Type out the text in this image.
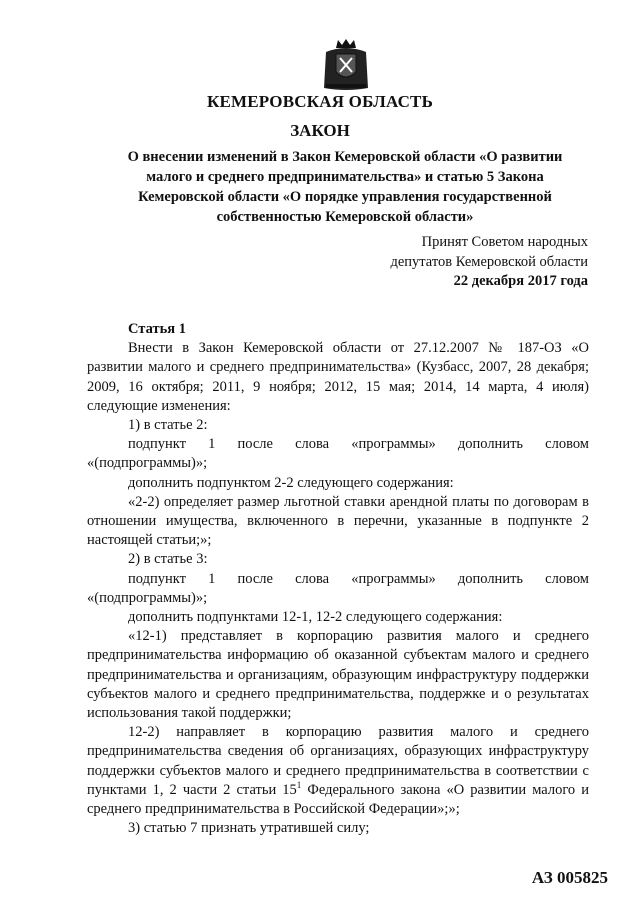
КЕМЕРОВСКАЯ ОБЛАСТЬ
ЗАКОН

О внесении изменений в Закон Кемеровской области «О развитии малого и среднего предпринимательства» и статью 5 Закона Кемеровской области «О порядке управления государственной собственностью Кемеровской области»

Принят Советом народных
депутатов Кемеровской области
22 декабря 2017 года

Статья 1

Внести в Закон Кемеровской области от 27.12.2007 № 187-ОЗ «О развитии малого и среднего предпринимательства» (Кузбасс, 2007, 28 декабря; 2009, 16 октября; 2011, 9 ноября; 2012, 15 мая; 2014, 14 марта, 4 июля) следующие изменения:

1) в статье 2:

подпункт 1 после слова «программы» дополнить словом «(подпрограммы)»;

дополнить подпунктом 2-2 следующего содержания:

«2-2) определяет размер льготной ставки арендной платы по договорам в отношении имущества, включенного в перечни, указанные в подпункте 2 настоящей статьи;»;

2) в статье 3:

подпункт 1 после слова «программы» дополнить словом «(подпрограммы)»;

дополнить подпунктами 12-1, 12-2 следующего содержания:

«12-1) представляет в корпорацию развития малого и среднего предпринимательства информацию об оказанной субъектам малого и среднего предпринимательства и организациям, образующим инфраструктуру поддержки субъектов малого и среднего предпринимательства, поддержке и о результатах использования такой поддержки;

12-2) направляет в корпорацию развития малого и среднего предпринимательства сведения об организациях, образующих инфраструктуру поддержки субъектов малого и среднего предпринимательства в соответствии с пунктами 1, 2 части 2 статьи $15^1$ Федерального закона «О развитии малого и среднего предпринимательства в Российской Федерации»;»;

3) статью 7 признать утратившей силу;

АЗ 005825
